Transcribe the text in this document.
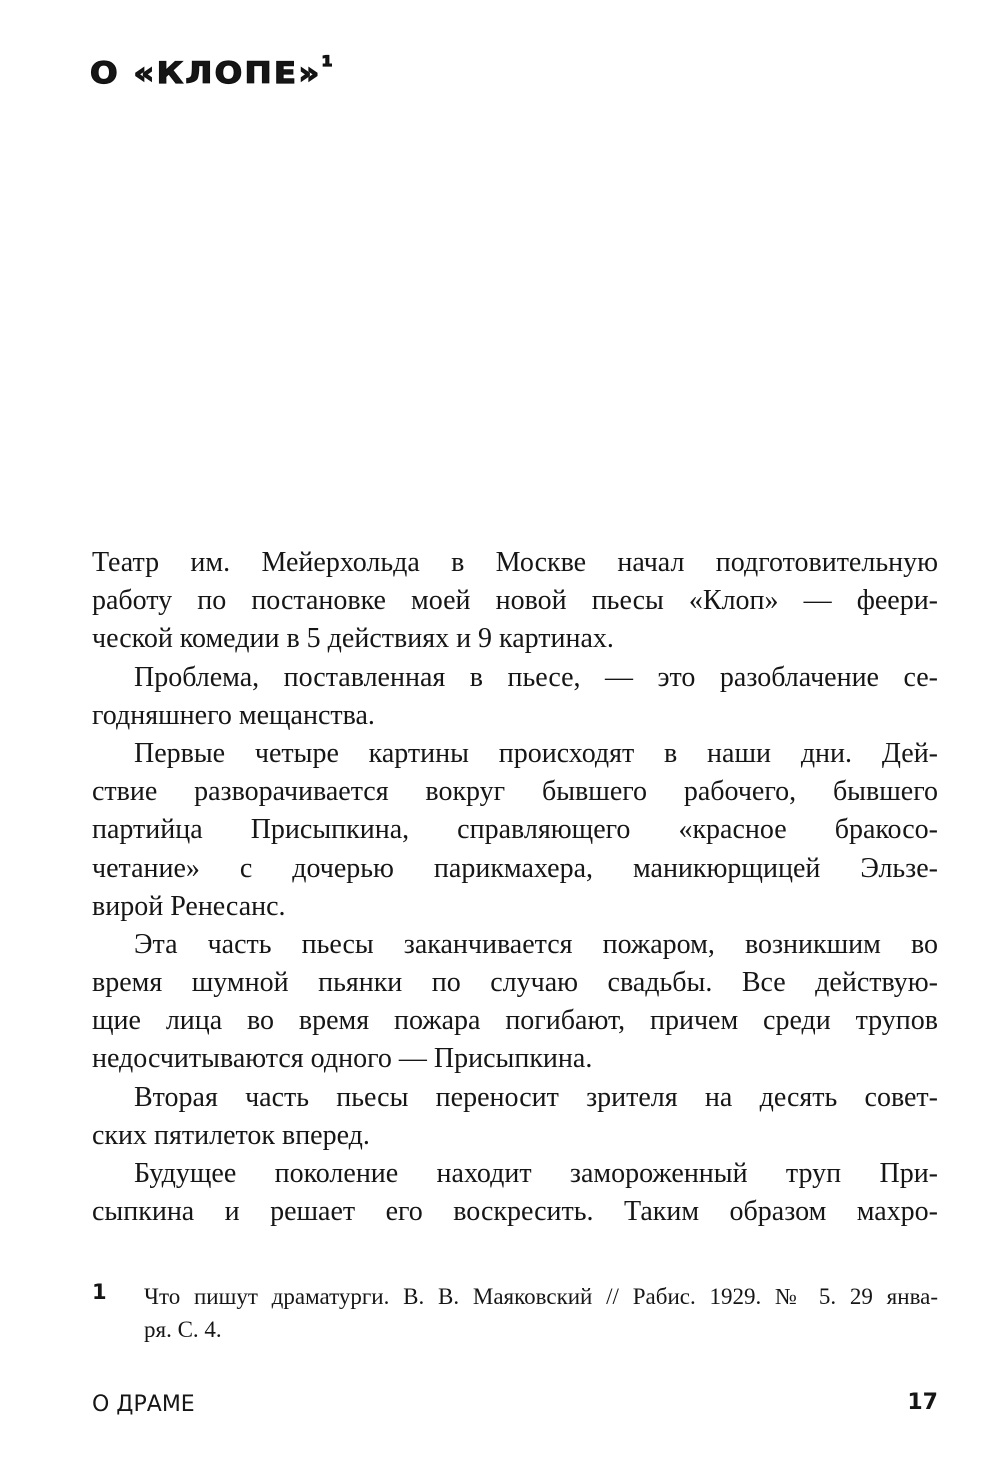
О «КЛОПЕ»$^1$
Театр им. Мейерхольда в Москве начал подготовительную
работу по постановке моей новой пьесы «Клоп» — феери-
ческой комедии в 5 действиях и 9 картинах.
Проблема, поставленная в пьесе, — это разоблачение се-
годняшнего мещанства.
Первые четыре картины происходят в наши дни. Дей-
ствие разворачивается вокруг бывшего рабочего, бывшего
партийца Присыпкина, справляющего «красное бракосо-
четание» с дочерью парикмахера, маникюрщицей Эльзе-
вирой Ренесанс.
Эта часть пьесы заканчивается пожаром, возникшим во
время шумной пьянки по случаю свадьбы. Все действую-
щие лица во время пожара погибают, причем среди трупов
недосчитываются одного — Присыпкина.
Вторая часть пьесы переносит зрителя на десять совет-
ских пятилеток вперед.
Будущее поколение находит замороженный труп При-
сыпкина и решает его воскресить. Таким образом махро-
1 Что пишут драматурги. В. В. Маяковский // Рабис. 1929. № 5. 29 янва-
ря. С. 4.
О ДРАМЕ	17
